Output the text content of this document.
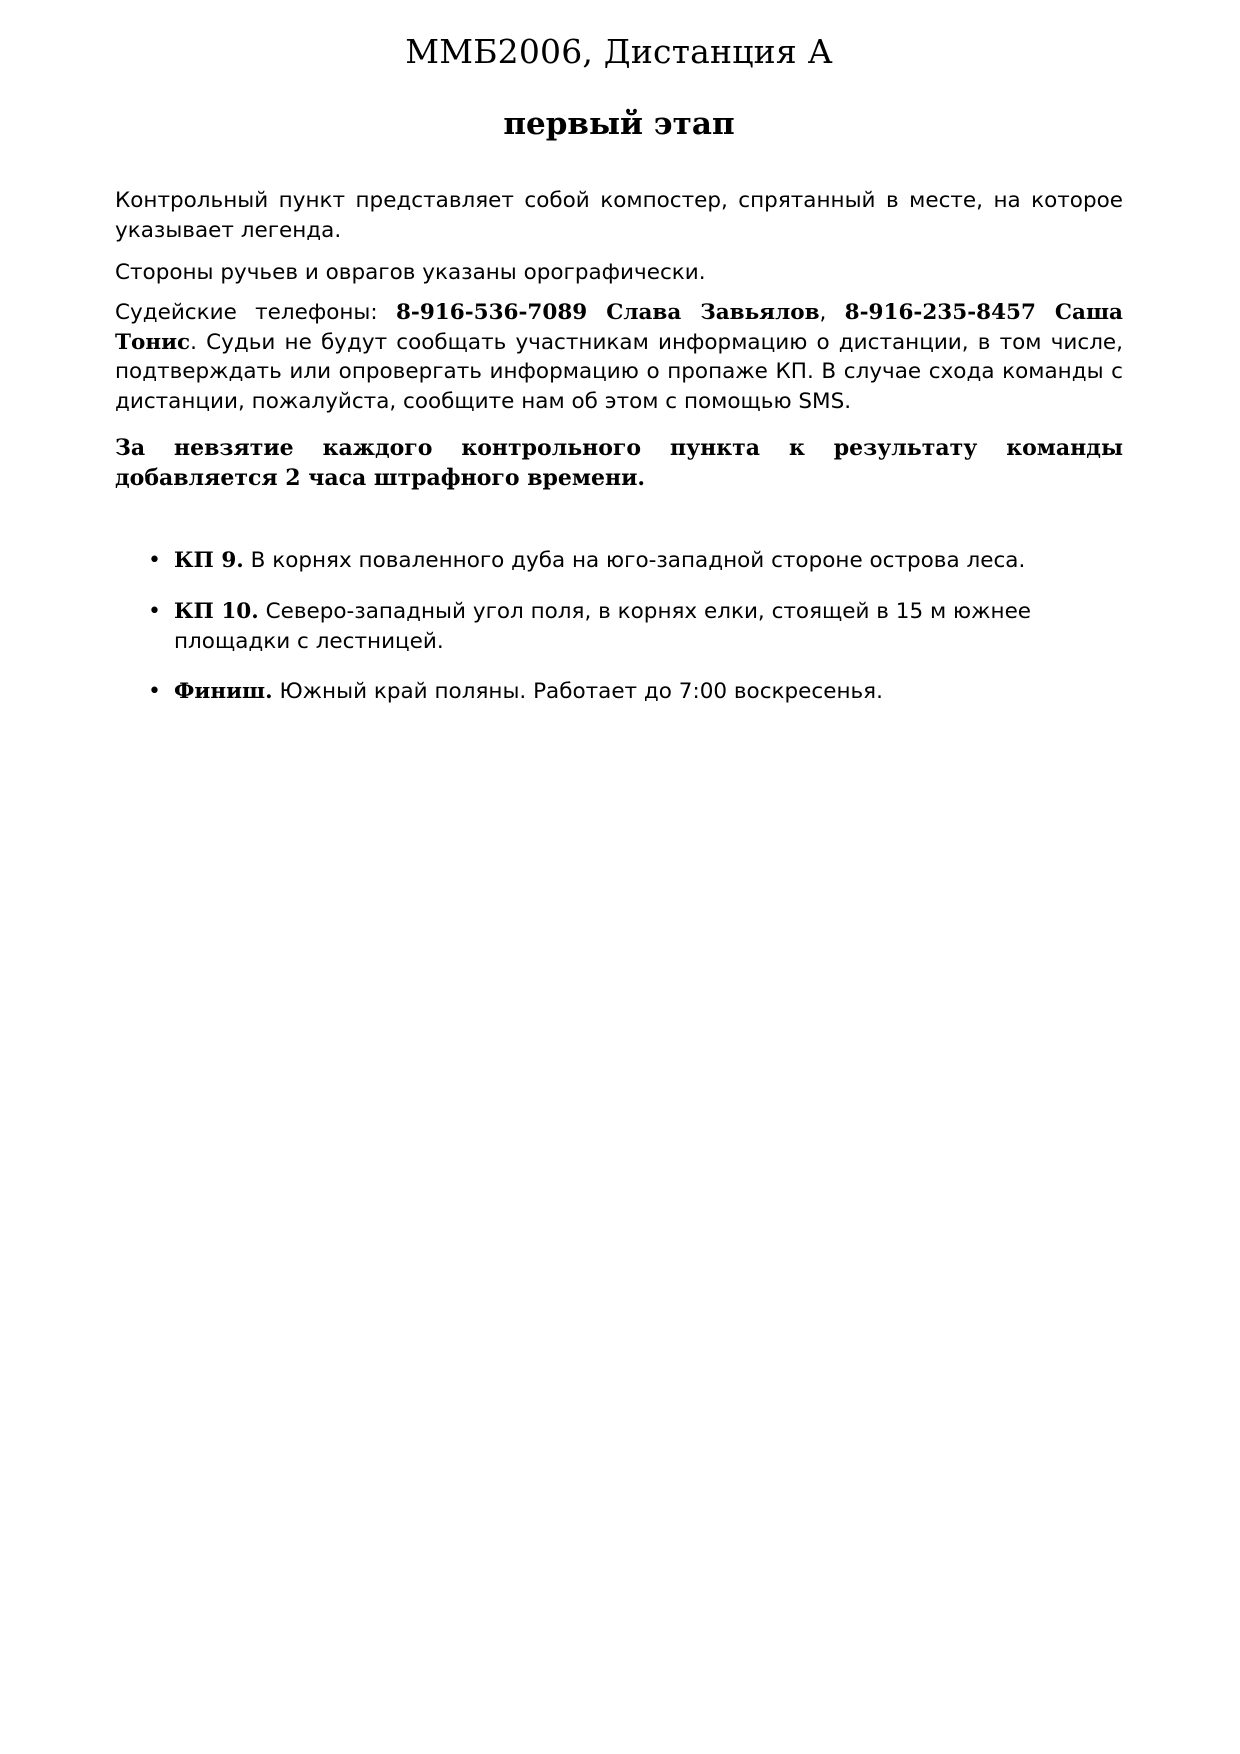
ММБ2006, Дистанция А
первый этап

Контрольный пункт представляет собой компостер, спрятанный в месте, на которое указывает легенда.

Стороны ручьев и оврагов указаны орографически.

Судейские телефоны: 8-916-536-7089 Слава Завьялов, 8-916-235-8457 Саша Тонис. Судьи не будут сообщать участникам информацию о дистанции, в том числе, подтверждать или опровергать информацию о пропаже КП. В случае схода команды с дистанции, пожалуйста, сообщите нам об этом с помощью SMS.

За невзятие каждого контрольного пункта к результату команды добавляется 2 часа штрафного времени.

• КП 9. В корнях поваленного дуба на юго-западной стороне острова леса.
• КП 10. Северо-западный угол поля, в корнях елки, стоящей в 15 м южнее площадки с лестницей.
• Финиш. Южный край поляны. Работает до 7:00 воскресенья.
